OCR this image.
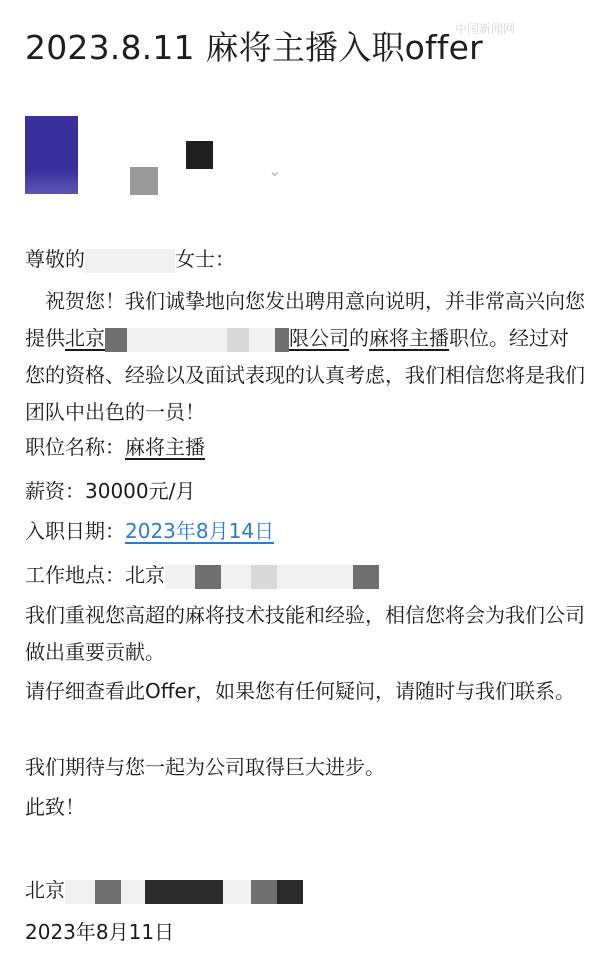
2023.8.11 麻将主播入职offer
中国新闻网
⌄
尊敬的	女士：
　祝贺您！我们诚挚地向您发出聘用意向说明，并非常高兴向您提供北京	限公司的麻将主播职位。经过对您的资格、经验以及面试表现的认真考虑，我们相信您将是我们团队中出色的一员！
职位名称：麻将主播
薪资：30000元/月
入职日期：2023年8月14日
工作地点：北京
我们重视您高超的麻将技术技能和经验，相信您将会为我们公司做出重要贡献。
请仔细查看此Offer，如果您有任何疑问，请随时与我们联系。
我们期待与您一起为公司取得巨大进步。
此致！
北京
2023年8月11日
